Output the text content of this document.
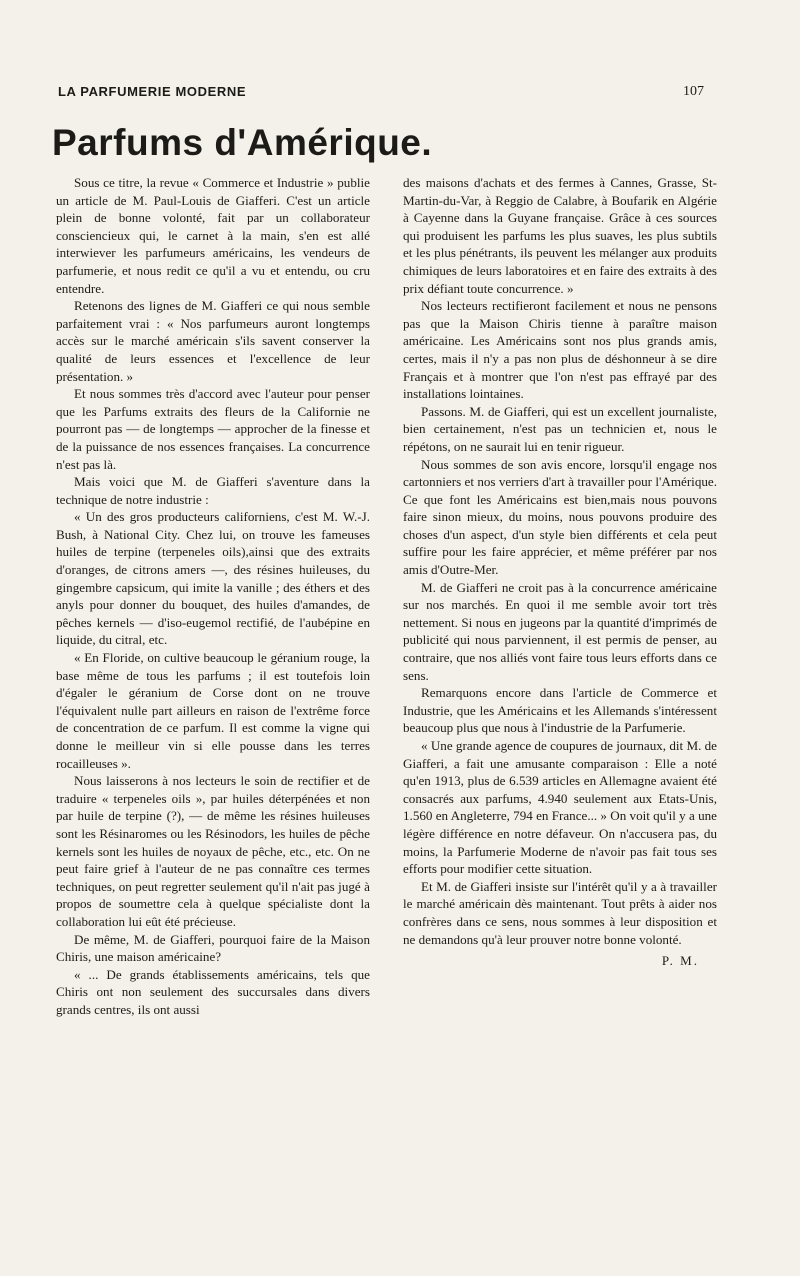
LA PARFUMERIE MODERNE	107
Parfums d'Amérique.

Sous ce titre, la revue « Commerce et Industrie » publie un article de M. Paul-Louis de Giafferi. C'est un article plein de bonne volonté, fait par un collaborateur consciencieux qui, le carnet à la main, s'en est allé interwiever les parfumeurs américains, les vendeurs de parfumerie, et nous redit ce qu'il a vu et entendu, ou cru entendre.

Retenons des lignes de M. Giafferi ce qui nous semble parfaitement vrai : « Nos parfumeurs auront longtemps accès sur le marché américain s'ils savent conserver la qualité de leurs essences et l'excellence de leur présentation. »

Et nous sommes très d'accord avec l'auteur pour penser que les Parfums extraits des fleurs de la Californie ne pourront pas — de longtemps — approcher de la finesse et de la puissance de nos essences françaises. La concurrence n'est pas là.

Mais voici que M. de Giafferi s'aventure dans la technique de notre industrie :

« Un des gros producteurs californiens, c'est M. W.-J. Bush, à National City. Chez lui, on trouve les fameuses huiles de terpine (terpeneles oils),ainsi que des extraits d'oranges, de citrons amers —, des résines huileuses, du gingembre capsicum, qui imite la vanille ; des éthers et des anyls pour donner du bouquet, des huiles d'amandes, de pêches kernels — d'iso-eugemol rectifié, de l'aubépine en liquide, du citral, etc.

« En Floride, on cultive beaucoup le géranium rouge, la base même de tous les parfums ; il est toutefois loin d'égaler le géranium de Corse dont on ne trouve l'équivalent nulle part ailleurs en raison de l'extrême force de concentration de ce parfum. Il est comme la vigne qui donne le meilleur vin si elle pousse dans les terres rocailleuses ».

Nous laisserons à nos lecteurs le soin de rectifier et de traduire « terpeneles oils », par huiles déterpénées et non par huile de terpine (?), — de même les résines huileuses sont les Résinaromes ou les Résinodors, les huiles de pêche kernels sont les huiles de noyaux de pêche, etc., etc. On ne peut faire grief à l'auteur de ne pas connaître ces termes techniques, on peut regretter seulement qu'il n'ait pas jugé à propos de soumettre cela à quelque spécialiste dont la collaboration lui eût été précieuse.

De même, M. de Giafferi, pourquoi faire de la Maison Chiris, une maison américaine?

« ... De grands établissements américains, tels que Chiris ont non seulement des succursales dans divers grands centres, ils ont aussi

des maisons d'achats et des fermes à Cannes, Grasse, St-Martin-du-Var, à Reggio de Calabre, à Boufarik en Algérie à Cayenne dans la Guyane française. Grâce à ces sources qui produisent les parfums les plus suaves, les plus subtils et les plus pénétrants, ils peuvent les mélanger aux produits chimiques de leurs laboratoires et en faire des extraits à des prix défiant toute concurrence. »

Nos lecteurs rectifieront facilement et nous ne pensons pas que la Maison Chiris tienne à paraître maison américaine. Les Américains sont nos plus grands amis, certes, mais il n'y a pas non plus de déshonneur à se dire Français et à montrer que l'on n'est pas effrayé par des installations lointaines.

Passons. M. de Giafferi, qui est un excellent journaliste, bien certainement, n'est pas un technicien et, nous le répétons, on ne saurait lui en tenir rigueur.

Nous sommes de son avis encore, lorsqu'il engage nos cartonniers et nos verriers d'art à travailler pour l'Amérique. Ce que font les Américains est bien,mais nous pouvons faire sinon mieux, du moins, nous pouvons produire des choses d'un aspect, d'un style bien différents et cela peut suffire pour les faire apprécier, et même préférer par nos amis d'Outre-Mer.

M. de Giafferi ne croit pas à la concurrence américaine sur nos marchés. En quoi il me semble avoir tort très nettement. Si nous en jugeons par la quantité d'imprimés de publicité qui nous parviennent, il est permis de penser, au contraire, que nos alliés vont faire tous leurs efforts dans ce sens.

Remarquons encore dans l'article de Commerce et Industrie, que les Américains et les Allemands s'intéressent beaucoup plus que nous à l'industrie de la Parfumerie.

« Une grande agence de coupures de journaux, dit M. de Giafferi, a fait une amusante comparaison : Elle a noté qu'en 1913, plus de 6.539 articles en Allemagne avaient été consacrés aux parfums, 4.940 seulement aux Etats-Unis, 1.560 en Angleterre, 794 en France... » On voit qu'il y a une légère différence en notre défaveur. On n'accusera pas, du moins, la Parfumerie Moderne de n'avoir pas fait tous ses efforts pour modifier cette situation.

Et M. de Giafferi insiste sur l'intérêt qu'il y a à travailler le marché américain dès maintenant. Tout prêts à aider nos confrères dans ce sens, nous sommes à leur disposition et ne demandons qu'à leur prouver notre bonne volonté.

P. M.
